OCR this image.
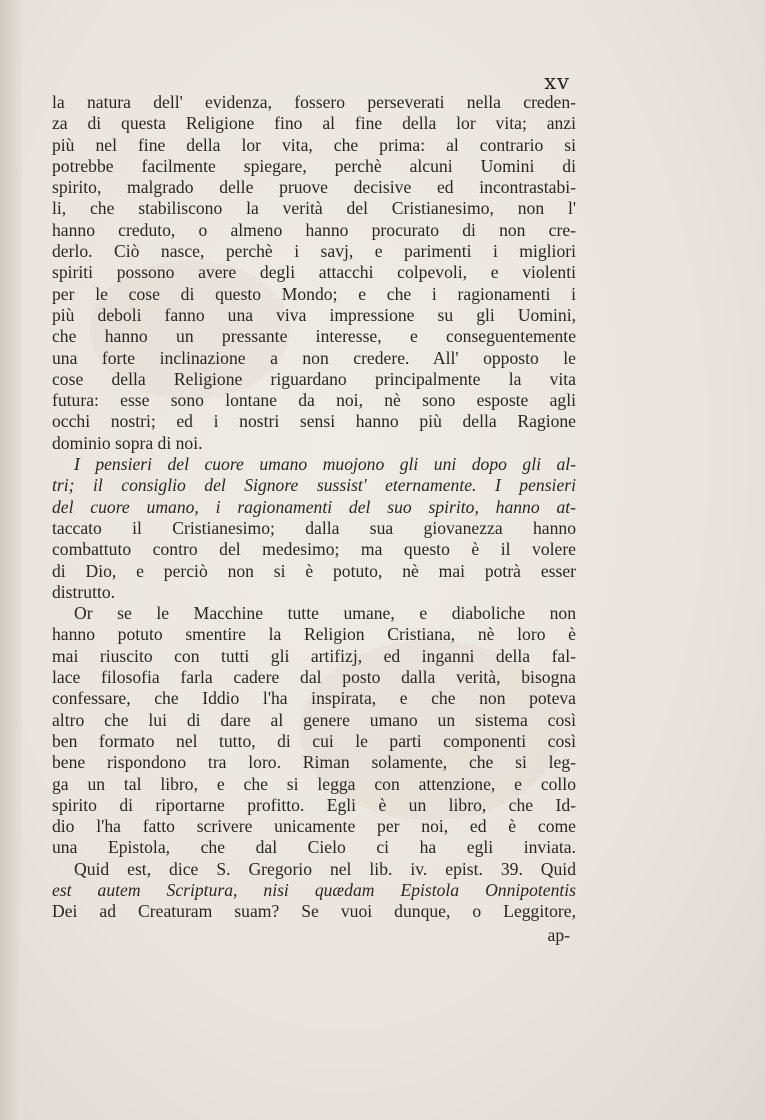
xv
la natura dell' evidenza, fossero perseverati nella creden-
za di questa Religione fino al fine della lor vita; anzi
più nel fine della lor vita, che prima: al contrario si
potrebbe facilmente spiegare, perchè alcuni Uomini di
spirito, malgrado delle pruove decisive ed incontrastabi-
li, che stabiliscono la verità del Cristianesimo, non l'
hanno creduto, o almeno hanno procurato di non cre-
derlo. Ciò nasce, perchè i savj, e parimenti i migliori
spiriti possono avere degli attacchi colpevoli, e violenti
per le cose di questo Mondo; e che i ragionamenti i
più deboli fanno una viva impressione su gli Uomini,
che hanno un pressante interesse, e conseguentemente
una forte inclinazione a non credere. All' opposto le
cose della Religione riguardano principalmente la vita
futura: esse sono lontane da noi, nè sono esposte agli
occhi nostri; ed i nostri sensi hanno più della Ragione
dominio sopra di noi.
I pensieri del cuore umano muojono gli uni dopo gli al-
tri; il consiglio del Signore sussist' eternamente. I pensieri
del cuore umano, i ragionamenti del suo spirito, hanno at-
taccato il Cristianesimo; dalla sua giovanezza hanno
combattuto contro del medesimo; ma questo è il volere
di Dio, e perciò non si è potuto, nè mai potrà esser
distrutto.
Or se le Macchine tutte umane, e diaboliche non
hanno potuto smentire la Religion Cristiana, nè loro è
mai riuscito con tutti gli artifizj, ed inganni della fal-
lace filosofia farla cadere dal posto dalla verità, bisogna
confessare, che Iddio l'ha inspirata, e che non poteva
altro che lui di dare al genere umano un sistema così
ben formato nel tutto, di cui le parti componenti così
bene rispondono tra loro. Riman solamente, che si leg-
ga un tal libro, e che si legga con attenzione, e collo
spirito di riportarne profitto. Egli è un libro, che Id-
dio l'ha fatto scrivere unicamente per noi, ed è come
una Epistola, che dal Cielo ci ha egli inviata.
Quid est, dice S. Gregorio nel lib. iv. epist. 39. Quid
est autem Scriptura, nisi quædam Epistola Onnipotentis
Dei ad Creaturam suam? Se vuoi dunque, o Leggitore,
ap-
